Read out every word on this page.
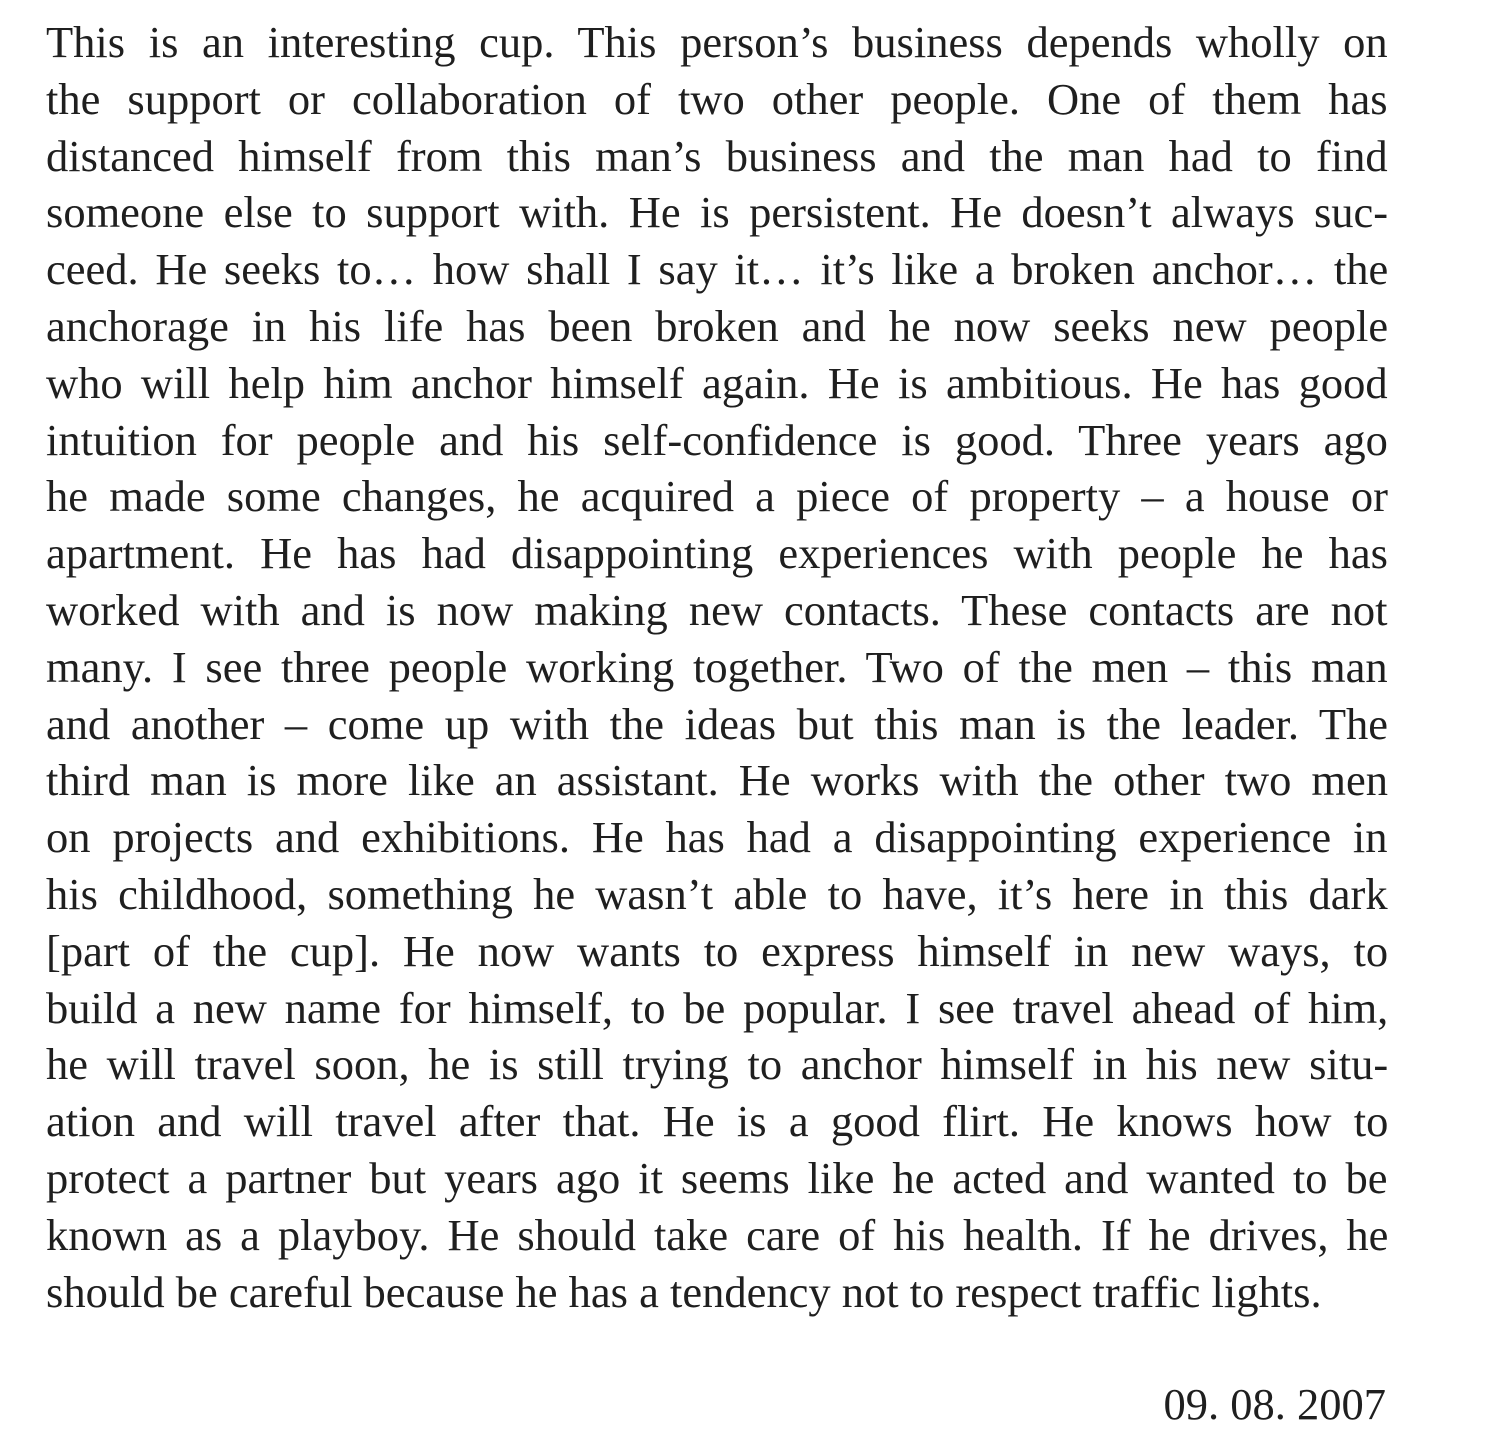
This is an interesting cup. This person’s business depends wholly on
the support or collaboration of two other people. One of them has
distanced himself from this man’s business and the man had to find
someone else to support with. He is persistent. He doesn’t always suc-
ceed. He seeks to… how shall I say it… it’s like a broken anchor… the
anchorage in his life has been broken and he now seeks new people
who will help him anchor himself again. He is ambitious. He has good
intuition for people and his self-confidence is good. Three years ago
he made some changes, he acquired a piece of property – a house or
apartment. He has had disappointing experiences with people he has
worked with and is now making new contacts. These contacts are not
many. I see three people working together. Two of the men – this man
and another – come up with the ideas but this man is the leader. The
third man is more like an assistant. He works with the other two men
on projects and exhibitions. He has had a disappointing experience in
his childhood, something he wasn’t able to have, it’s here in this dark
[part of the cup]. He now wants to express himself in new ways, to
build a new name for himself, to be popular. I see travel ahead of him,
he will travel soon, he is still trying to anchor himself in his new situ-
ation and will travel after that. He is a good flirt. He knows how to
protect a partner but years ago it seems like he acted and wanted to be
known as a playboy. He should take care of his health. If he drives, he
should be careful because he has a tendency not to respect traffic lights.
09. 08. 2007
